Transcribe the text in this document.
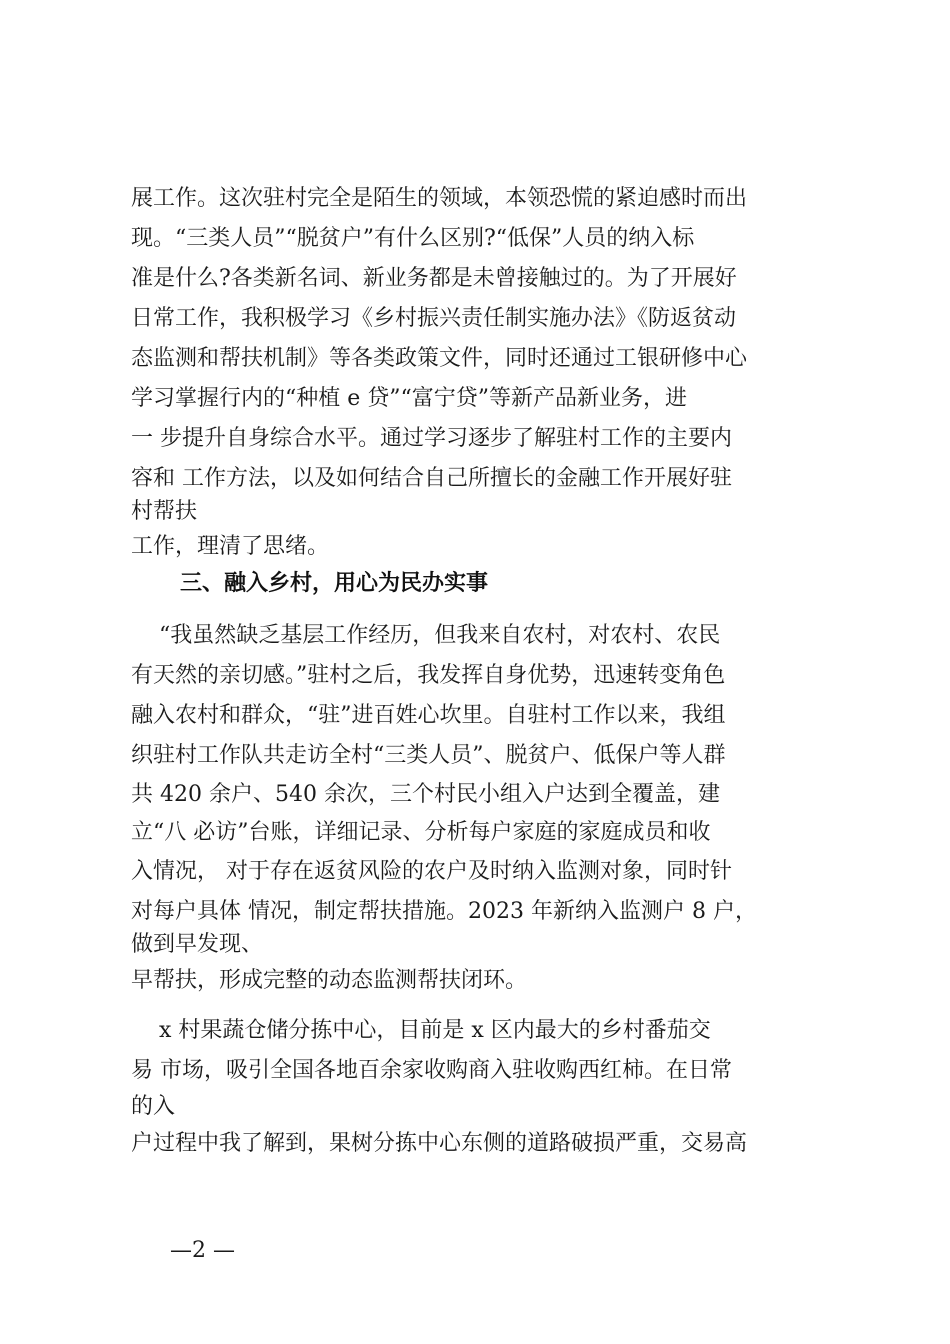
展工作。这次驻村完全是陌生的领域，本领恐慌的紧迫感时而出
现。“三类人员”“脱贫户”有什么区别?“低保”人员的纳入标
准是什么?各类新名词、新业务都是未曾接触过的。为了开展好
日常工作，我积极学习《乡村振兴责任制实施办法》《防返贫动
态监测和帮扶机制》等各类政策文件，同时还通过工银研修中心
学习掌握行内的“种植 e 贷”“富宁贷”等新产品新业务，进
一 步提升自身综合水平。通过学习逐步了解驻村工作的主要内
容和 工作方法，以及如何结合自己所擅长的金融工作开展好驻
村帮扶
工作，理清了思绪。
三、融入乡村，用心为民办实事
“我虽然缺乏基层工作经历，但我来自农村，对农村、农民
有天然的亲切感。”驻村之后，我发挥自身优势，迅速转变角色
融入农村和群众，“驻”进百姓心坎里。自驻村工作以来，我组
织驻村工作队共走访全村“三类人员”、脱贫户、低保户等人群
共 420 余户、540 余次，三个村民小组入户达到全覆盖，建
立“八 必访”台账，详细记录、分析每户家庭的家庭成员和收
入情况， 对于存在返贫风险的农户及时纳入监测对象，同时针
对每户具体 情况，制定帮扶措施。2023 年新纳入监测户 8 户，
做到早发现、
早帮扶，形成完整的动态监测帮扶闭环。
x 村果蔬仓储分拣中心，目前是 x 区内最大的乡村番茄交
易 市场，吸引全国各地百余家收购商入驻收购西红柿。在日常
的入
户过程中我了解到，果树分拣中心东侧的道路破损严重，交易高
—2 —
